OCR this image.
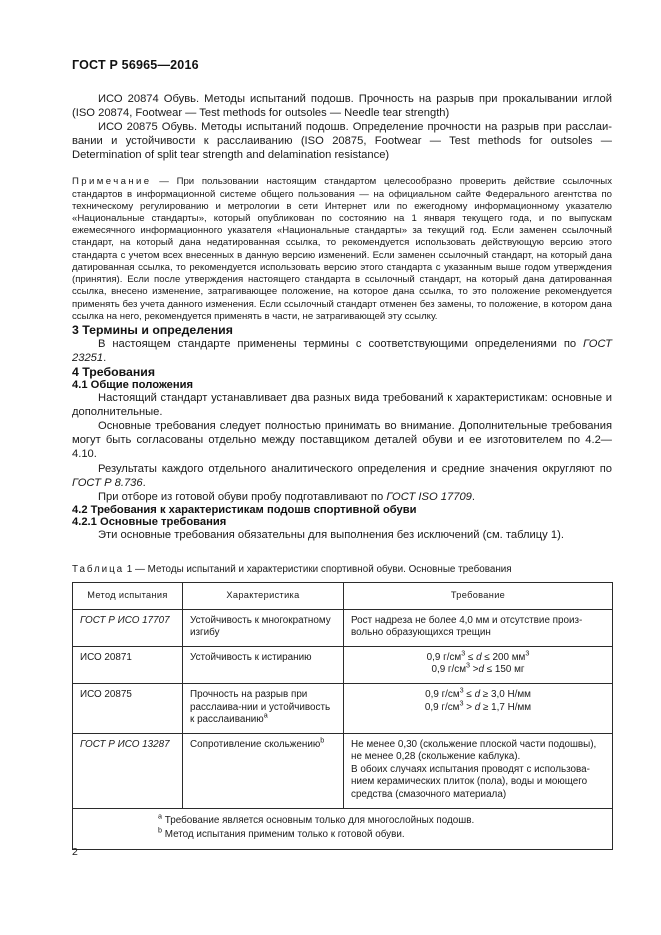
ГОСТ Р 56965—2016

ИСО 20874 Обувь. Методы испытаний подошв. Прочность на разрыв при прокалывании иглой (ISO 20874, Footwear — Test methods for outsoles — Needle tear strength)

ИСО 20875 Обувь. Методы испытаний подошв. Определение прочности на разрыв при расслаи-вании и устойчивости к расслаиванию (ISO 20875, Footwear — Test methods for outsoles — Determination of split tear strength and delamination resistance)

Примечание — При пользовании настоящим стандартом целесообразно проверить действие ссылочных стандартов в информационной системе общего пользования — на официальном сайте Федерального агентства по техническому регулированию и метрологии в сети Интернет или по ежегодному информационному указателю «Национальные стандарты», который опубликован по состоянию на 1 января текущего года, и по выпускам ежемесячного информационного указателя «Национальные стандарты» за текущий год. Если заменен ссылочный стандарт, на который дана недатированная ссылка, то рекомендуется использовать действующую версию этого стандарта с учетом всех внесенных в данную версию изменений. Если заменен ссылочный стандарт, на который дана датированная ссылка, то рекомендуется использовать версию этого стандарта с указанным выше годом утверждения (принятия). Если после утверждения настоящего стандарта в ссылочный стандарт, на который дана датированная ссылка, внесено изменение, затрагивающее положение, на которое дана ссылка, то это положение рекомендуется применять без учета данного изменения. Если ссылочный стандарт отменен без замены, то положение, в котором дана ссылка на него, рекомендуется применять в части, не затрагивающей эту ссылку.
3 Термины и определения

В настоящем стандарте применены термины с соответствующими определениями по ГОСТ 23251.

4 Требования
4.1 Общие положения

Настоящий стандарт устанавливает два разных вида требований к характеристикам: основные и дополнительные.

Основные требования следует полностью принимать во внимание. Дополнительные требования могут быть согласованы отдельно между поставщиком деталей обуви и ее изготовителем по 4.2—4.10.

Результаты каждого отдельного аналитического определения и средние значения округляют по ГОСТ Р 8.736.

При отборе из готовой обуви пробу подготавливают по ГОСТ ISO 17709.

4.2 Требования к характеристикам подошв спортивной обуви
4.2.1 Основные требования

Эти основные требования обязательны для выполнения без исключений (см. таблицу 1).

Таблица 1 — Методы испытаний и характеристики спортивной обуви. Основные требования
Метод испытания	Характеристика	Требование
ГОСТ Р ИСО 17707	Устойчивость к многократному изгибу	Рост надреза не более 4,0 мм и отсутствие произ-вольно образующихся трещин

ИСО 20871	Устойчивость к истиранию	0,9 $г/см^3 \le d \le 200$ $мм^3$
0,9 $г/см^3 >d \le 150$ мг

ИСО 20875	Прочность на разрыв при расслаива-нии и устойчивость к расслаиванию$^a$	0,9 $г/см^3 \le d \ge 3,0$ Н/мм
0,9 $г/см^3 > d \ge 1,7$ Н/мм

ГОСТ Р ИСО 13287	Сопротивление скольжению$^b$	Не менее 0,30 (скольжение плоской части подошвы), не менее 0,28 (скольжение каблука).
В обоих случаях испытания проводят с использова-нием керамических плиток (пола), воды и моющего средства (смазочного материала)

$^a$ Требование является основным только для многослойных подошв.
$^b$ Метод испытания применим только к готовой обуви.		
2
